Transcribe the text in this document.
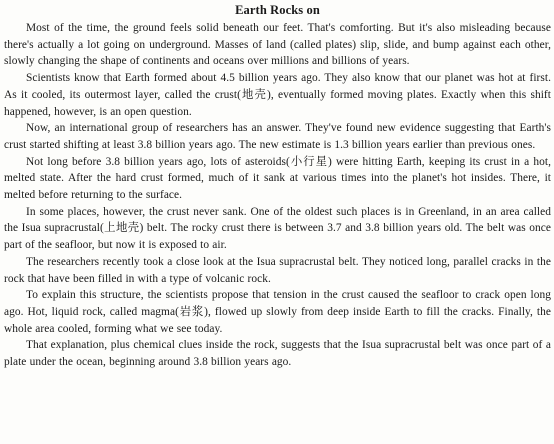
Earth Rocks on

Most of the time, the ground feels solid beneath our feet. That's comforting. But it's also misleading because there's actually a lot going on underground. Masses of land (called plates) slip, slide, and bump against each other, slowly changing the shape of continents and oceans over millions and billions of years.

Scientists know that Earth formed about 4.5 billion years ago. They also know that our planet was hot at first. As it cooled, its outermost layer, called the crust(地壳), eventually formed moving plates. Exactly when this shift happened, however, is an open question.

Now, an international group of researchers has an answer. They've found new evidence suggesting that Earth's crust started shifting at least 3.8 billion years ago. The new estimate is 1.3 billion years earlier than previous ones.

Not long before 3.8 billion years ago, lots of asteroids(小行星) were hitting Earth, keeping its crust in a hot, melted state. After the hard crust formed, much of it sank at various times into the planet's hot insides. There, it melted before returning to the surface.

In some places, however, the crust never sank. One of the oldest such places is in Greenland, in an area called the Isua supracrustal(上地壳) belt. The rocky crust there is between 3.7 and 3.8 billion years old. The belt was once part of the seafloor, but now it is exposed to air.

The researchers recently took a close look at the Isua supracrustal belt. They noticed long, parallel cracks in the rock that have been filled in with a type of volcanic rock.

To explain this structure, the scientists propose that tension in the crust caused the seafloor to crack open long ago. Hot, liquid rock, called magma(岩浆), flowed up slowly from deep inside Earth to fill the cracks. Finally, the whole area cooled, forming what we see today.

That explanation, plus chemical clues inside the rock, suggests that the Isua supracrustal belt was once part of a plate under the ocean, beginning around 3.8 billion years ago.
